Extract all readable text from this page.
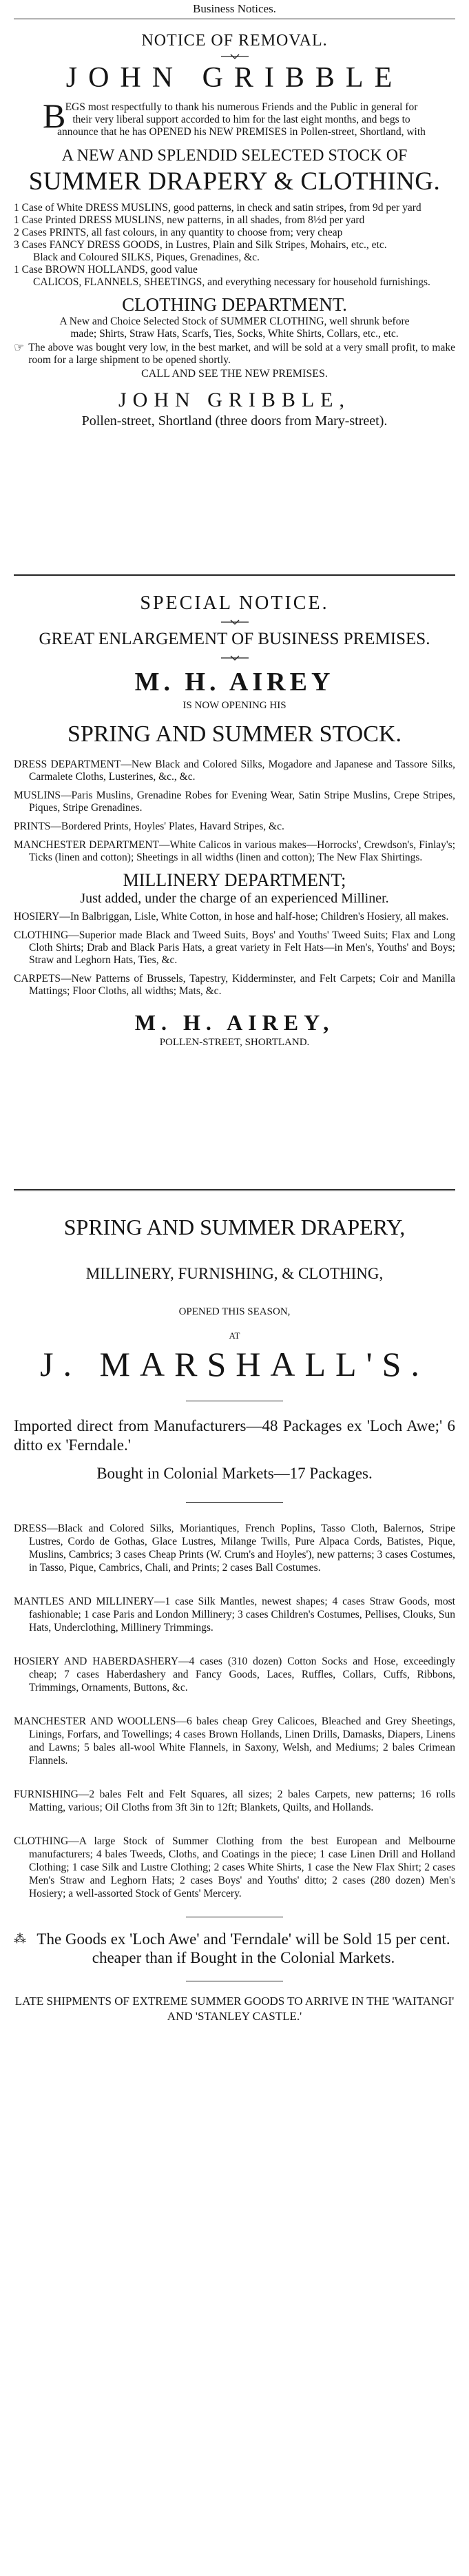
Business Notices.
NOTICE OF REMOVAL.
JOHN GRIBBLE
B EGS most respectfully to thank his numerous Friends and the Public in general for their very liberal support accorded to him for the last eight months, and begs to announce that he has OPENED his NEW PREMISES in Pollen-street, Shortland, with
A NEW AND SPLENDID SELECTED STOCK OF
SUMMER DRAPERY & CLOTHING.

1 Case of White DRESS MUSLINS, good patterns, in check and satin stripes, from 9d per yard

1 Case Printed DRESS MUSLINS, new patterns, in all shades, from 8½d per yard

2 Cases PRINTS, all fast colours, in any quantity to choose from; very cheap

3 Cases FANCY DRESS GOODS, in Lustres, Plain and Silk Stripes, Mohairs, etc., etc.

Black and Coloured SILKS, Piques, Grenadines, &c.

1 Case BROWN HOLLANDS, good value

CALICOS, FLANNELS, SHEETINGS, and everything necessary for household furnishings.

CLOTHING DEPARTMENT.

A New and Choice Selected Stock of SUMMER CLOTHING, well shrunk before made; Shirts, Straw Hats, Scarfs, Ties, Socks, White Shirts, Collars, etc., etc.

☞ The above was bought very low, in the best market, and will be sold at a very small profit, to make room for a large shipment to be opened shortly.
CALL AND SEE THE NEW PREMISES.
JOHN GRIBBLE,
Pollen-street, Shortland (three doors from Mary-street).
SPECIAL NOTICE.
GREAT ENLARGEMENT OF BUSINESS PREMISES.
M. H. AIREY
IS NOW OPENING HIS
SPRING AND SUMMER STOCK.

DRESS DEPARTMENT—New Black and Colored Silks, Mogadore and Japanese and Tassore Silks, Carmalete Cloths, Lusterines, &c., &c.

MUSLINS—Paris Muslins, Grenadine Robes for Evening Wear, Satin Stripe Muslins, Crepe Stripes, Piques, Stripe Grenadines.

PRINTS—Bordered Prints, Hoyles' Plates, Havard Stripes, &c.

MANCHESTER DEPARTMENT—White Calicos in various makes—Horrocks', Crewdson's, Finlay's; Ticks (linen and cotton); Sheetings in all widths (linen and cotton); The New Flax Shirtings.

MILLINERY DEPARTMENT;
Just added, under the charge of an experienced Milliner.

HOSIERY—In Balbriggan, Lisle, White Cotton, in hose and half-hose; Children's Hosiery, all makes.

CLOTHING—Superior made Black and Tweed Suits, Boys' and Youths' Tweed Suits; Flax and Long Cloth Shirts; Drab and Black Paris Hats, a great variety in Felt Hats—in Men's, Youths' and Boys; Straw and Leghorn Hats, Ties, &c.

CARPETS—New Patterns of Brussels, Tapestry, Kidderminster, and Felt Carpets; Coir and Manilla Mattings; Floor Cloths, all widths; Mats, &c.

M. H. AIREY,
POLLEN-STREET, SHORTLAND.
SPRING AND SUMMER DRAPERY,
MILLINERY, FURNISHING, & CLOTHING,
OPENED THIS SEASON,
AT
J. MARSHALL'S.

Imported direct from Manufacturers—48 Packages ex 'Loch Awe;' 6 ditto ex 'Ferndale.'

Bought in Colonial Markets—17 Packages.

DRESS—Black and Colored Silks, Moriantiques, French Poplins, Tasso Cloth, Balernos, Stripe Lustres, Cordo de Gothas, Glace Lustres, Milange Twills, Pure Alpaca Cords, Batistes, Pique, Muslins, Cambrics; 3 cases Cheap Prints (W. Crum's and Hoyles'), new patterns; 3 cases Costumes, in Tasso, Pique, Cambrics, Chali, and Prints; 2 cases Ball Costumes.

MANTLES AND MILLINERY—1 case Silk Mantles, newest shapes; 4 cases Straw Goods, most fashionable; 1 case Paris and London Millinery; 3 cases Children's Costumes, Pellises, Clouks, Sun Hats, Underclothing, Millinery Trimmings.

HOSIERY AND HABERDASHERY—4 cases (310 dozen) Cotton Socks and Hose, exceedingly cheap; 7 cases Haberdashery and Fancy Goods, Laces, Ruffles, Collars, Cuffs, Ribbons, Trimmings, Ornaments, Buttons, &c.

MANCHESTER AND WOOLLENS—6 bales cheap Grey Calicoes, Bleached and Grey Sheetings, Linings, Forfars, and Towellings; 4 cases Brown Hollands, Linen Drills, Damasks, Diapers, Linens and Lawns; 5 bales all-wool White Flannels, in Saxony, Welsh, and Mediums; 2 bales Crimean Flannels.

FURNISHING—2 bales Felt and Felt Squares, all sizes; 2 bales Carpets, new patterns; 16 rolls Matting, various; Oil Cloths from 3ft 3in to 12ft; Blankets, Quilts, and Hollands.

CLOTHING—A large Stock of Summer Clothing from the best European and Melbourne manufacturers; 4 bales Tweeds, Cloths, and Coatings in the piece; 1 case Linen Drill and Holland Clothing; 1 case Silk and Lustre Clothing; 2 cases White Shirts, 1 case the New Flax Shirt; 2 cases Men's Straw and Leghorn Hats; 2 cases Boys' and Youths' ditto; 2 cases (280 dozen) Men's Hosiery; a well-assorted Stock of Gents' Mercery.

⁂ The Goods ex 'Loch Awe' and 'Ferndale' will be Sold 15 per cent. cheaper than if Bought in the Colonial Markets.
LATE SHIPMENTS OF EXTREME SUMMER GOODS TO ARRIVE IN THE 'WAITANGI' AND 'STANLEY CASTLE.'
